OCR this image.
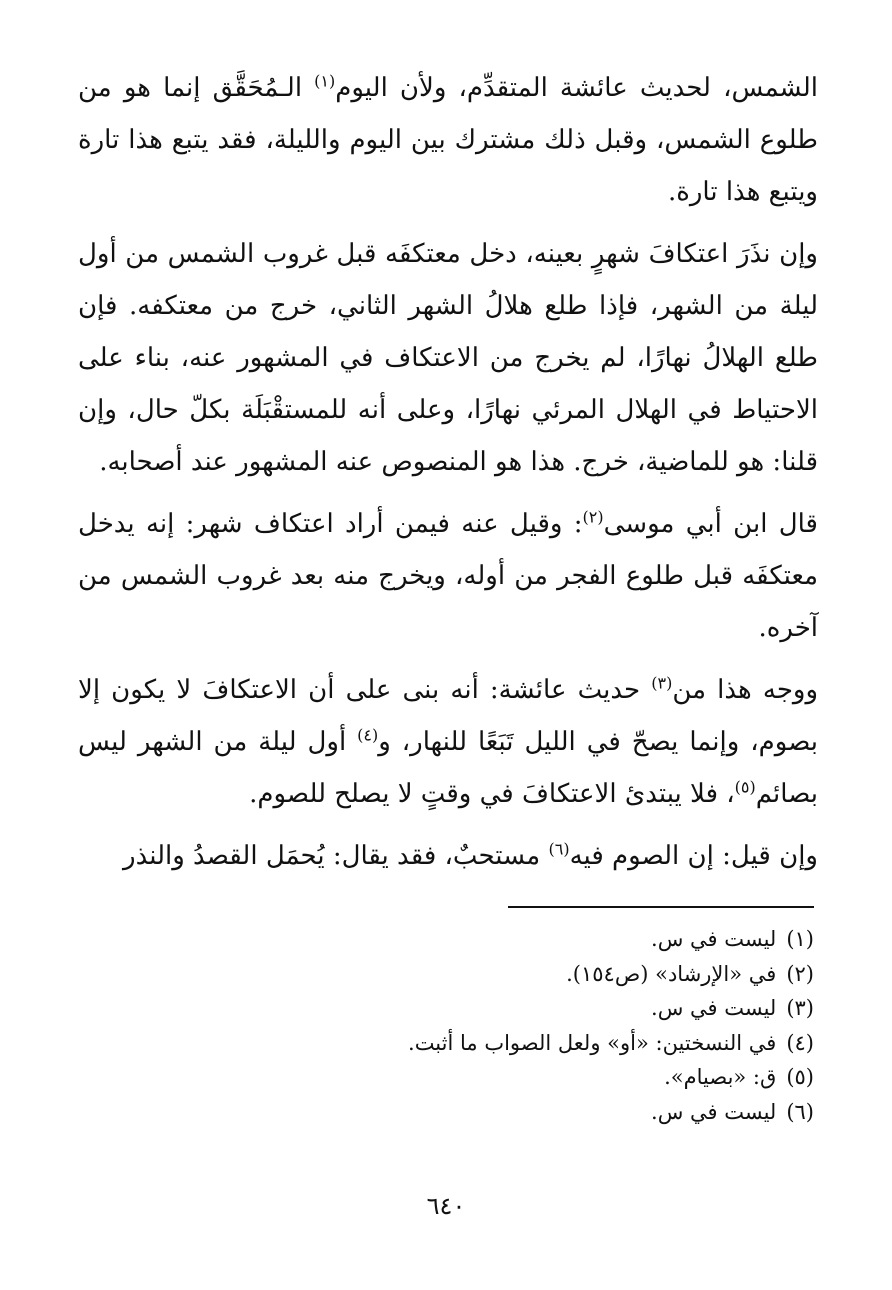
الشمس، لحديث عائشة المتقدِّم، ولأن اليوم$^{(١)}$ الـمُحَقَّق إنما هو من طلوع الشمس، وقبل ذلك مشترك بين اليوم والليلة، فقد يتبع هذا تارة ويتبع هذا تارة.

وإن نذَرَ اعتكافَ شهرٍ بعينه، دخل معتكفَه قبل غروب الشمس من أول ليلة من الشهر، فإذا طلع هلالُ الشهر الثاني، خرج من معتكفه. فإن طلع الهلالُ نهارًا، لم يخرج من الاعتكاف في المشهور عنه، بناء على الاحتياط في الهلال المرئي نهارًا، وعلى أنه للمستقْبَلَة بكلّ حال، وإن قلنا: هو للماضية، خرج. هذا هو المنصوص عنه المشهور عند أصحابه.

قال ابن أبي موسى$^{(٢)}$: وقيل عنه فيمن أراد اعتكاف شهر: إنه يدخل معتكفَه قبل طلوع الفجر من أوله، ويخرج منه بعد غروب الشمس من آخره.

ووجه هذا من$^{(٣)}$ حديث عائشة: أنه بنى على أن الاعتكافَ لا يكون إلا بصوم، وإنما يصحّ في الليل تَبَعًا للنهار، و$^{(٤)}$ أول ليلة من الشهر ليس بصائم$^{(٥)}$، فلا يبتدئ الاعتكافَ في وقتٍ لا يصلح للصوم.

وإن قيل: إن الصوم فيه$^{(٦)}$ مستحبٌ، فقد يقال: يُحمَل القصدُ والنذر

(١)
ليست في س.
(٢)
في «الإرشاد» (ص١٥٤).
(٣)
ليست في س.
(٤)
في النسختين: «أو» ولعل الصواب ما أثبت.
(٥)
ق: «بصيام».
(٦)
ليست في س.
٦٤٠
